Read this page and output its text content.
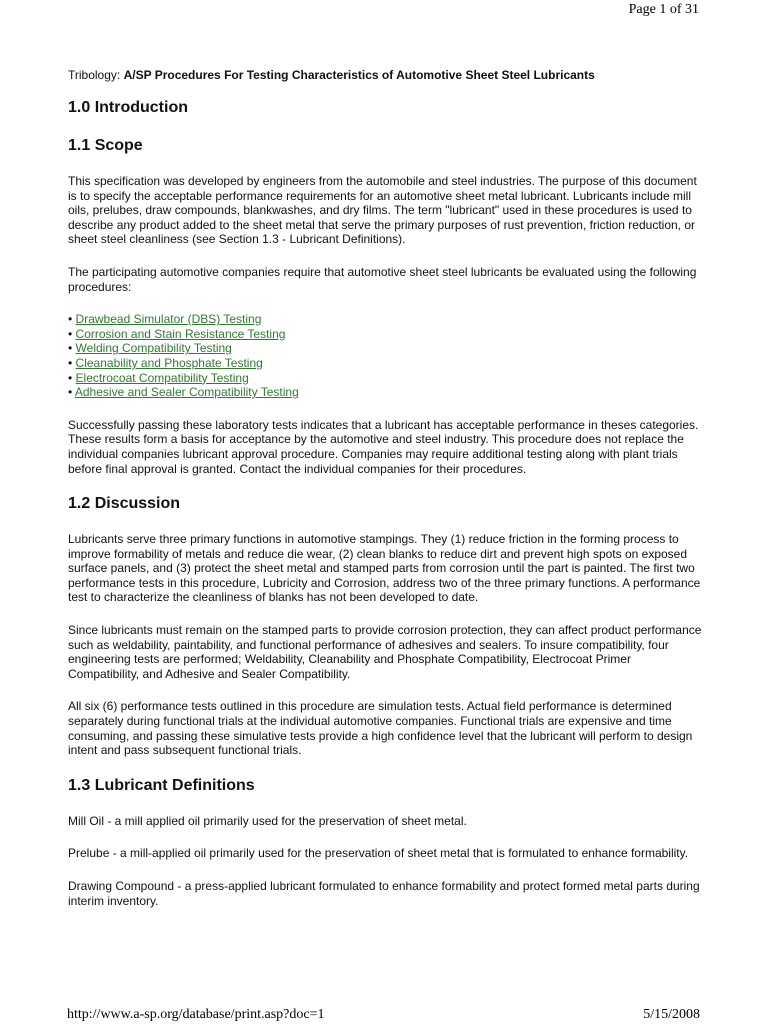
Page 1 of 31
Tribology: A/SP Procedures For Testing Characteristics of Automotive Sheet Steel Lubricants
1.0 Introduction
1.1 Scope

This specification was developed by engineers from the automobile and steel industries. The purpose of this document is to specify the acceptable performance requirements for an automotive sheet metal lubricant. Lubricants include mill oils, prelubes, draw compounds, blankwashes, and dry films. The term "lubricant" used in these procedures is used to describe any product added to the sheet metal that serve the primary purposes of rust prevention, friction reduction, or sheet steel cleanliness (see Section 1.3 - Lubricant Definitions).

The participating automotive companies require that automotive sheet steel lubricants be evaluated using the following procedures:

• Drawbead Simulator (DBS) Testing
• Corrosion and Stain Resistance Testing
• Welding Compatibility Testing
• Cleanability and Phosphate Testing
• Electrocoat Compatibility Testing
• Adhesive and Sealer Compatibility Testing

Successfully passing these laboratory tests indicates that a lubricant has acceptable performance in theses categories. These results form a basis for acceptance by the automotive and steel industry. This procedure does not replace the individual companies lubricant approval procedure. Companies may require additional testing along with plant trials before final approval is granted. Contact the individual companies for their procedures.

1.2 Discussion

Lubricants serve three primary functions in automotive stampings. They (1) reduce friction in the forming process to improve formability of metals and reduce die wear, (2) clean blanks to reduce dirt and prevent high spots on exposed surface panels, and (3) protect the sheet metal and stamped parts from corrosion until the part is painted. The first two performance tests in this procedure, Lubricity and Corrosion, address two of the three primary functions. A performance test to characterize the cleanliness of blanks has not been developed to date.

Since lubricants must remain on the stamped parts to provide corrosion protection, they can affect product performance such as weldability, paintability, and functional performance of adhesives and sealers. To insure compatibility, four engineering tests are performed; Weldability, Cleanability and Phosphate Compatibility, Electrocoat Primer Compatibility, and Adhesive and Sealer Compatibility.

All six (6) performance tests outlined in this procedure are simulation tests. Actual field performance is determined separately during functional trials at the individual automotive companies. Functional trials are expensive and time consuming, and passing these simulative tests provide a high confidence level that the lubricant will perform to design intent and pass subsequent functional trials.

1.3 Lubricant Definitions

Mill Oil - a mill applied oil primarily used for the preservation of sheet metal.

Prelube - a mill-applied oil primarily used for the preservation of sheet metal that is formulated to enhance formability.

Drawing Compound - a press-applied lubricant formulated to enhance formability and protect formed metal parts during interim inventory.

http://www.a-sp.org/database/print.asp?doc=1	5/15/2008
